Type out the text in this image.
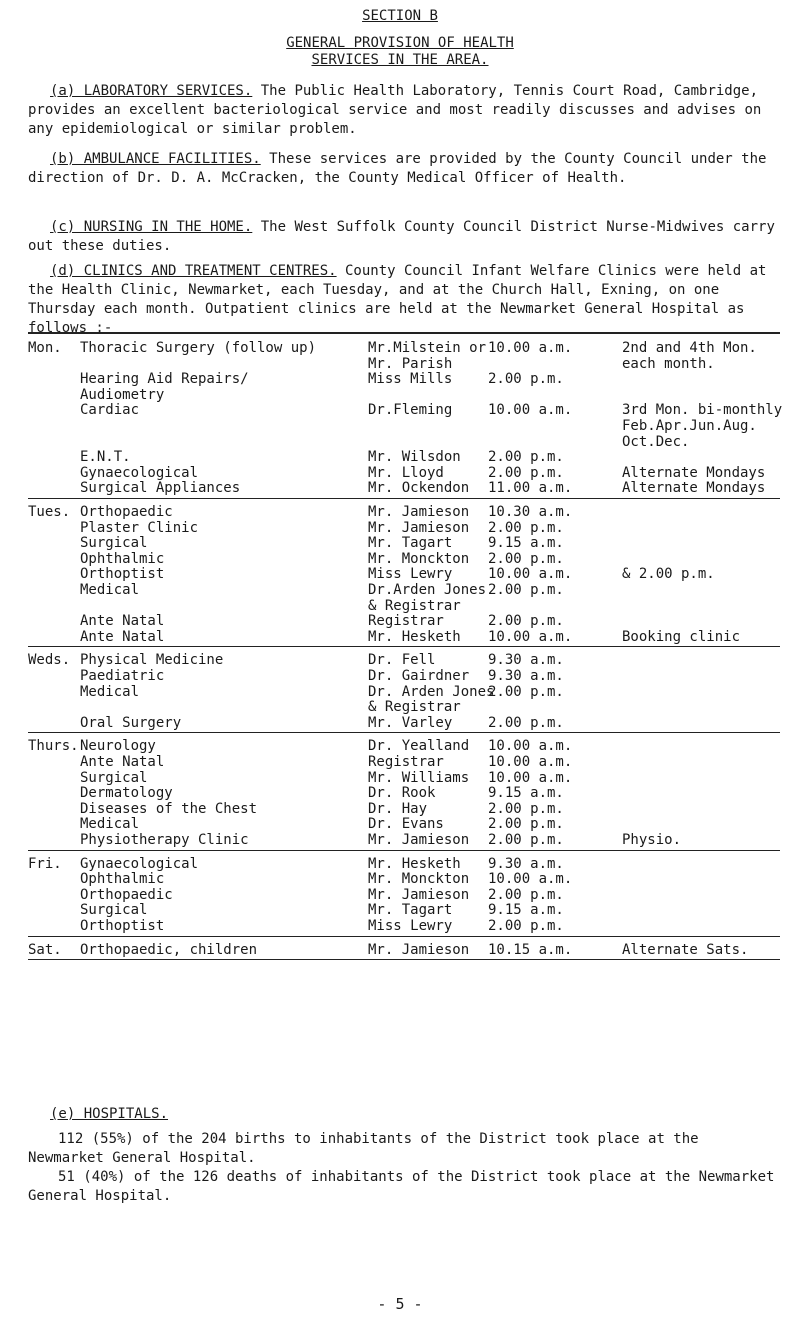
SECTION B
GENERAL PROVISION OF HEALTH
SERVICES IN THE AREA.
(a) LABORATORY SERVICES. The Public Health Laboratory, Tennis Court Road, Cambridge, provides an excellent bacteriological service and most readily discusses and advises on any epidemiological or similar problem.
(b) AMBULANCE FACILITIES. These services are provided by the County Council under the direction of Dr. D. A. McCracken, the County Medical Officer of Health.
(c) NURSING IN THE HOME. The West Suffolk County Council District Nurse-Midwives carry out these duties.
(d) CLINICS AND TREATMENT CENTRES. County Council Infant Welfare Clinics were held at the Health Clinic, Newmarket, each Tuesday, and at the Church Hall, Exning, on one Thursday each month. Outpatient clinics are held at the Newmarket General Hospital as follows :-
Mon. Thoracic Surgery (follow up)	Mr.Milstein or 10.00 a.m.	2nd and 4th Mon.
Mr. Parish	each month.
Hearing Aid Repairs/	Miss Mills	2.00 p.m.
Audiometry
Cardiac	Dr.Fleming	10.00 a.m.	3rd Mon. bi-monthly
Feb.Apr.Jun.Aug.
Oct.Dec.
E.N.T.	Mr. Wilsdon 2.00 p.m.
Gynaecological	Mr. Lloyd	2.00 p.m.	Alternate Mondays
Surgical Appliances	Mr. Ockendon 11.00 a.m.	Alternate Mondays
Tues. Orthopaedic	Mr. Jamieson 10.30 a.m.
Plaster Clinic	Mr. Jamieson 2.00 p.m.
Surgical	Mr. Tagart	9.15 a.m.
Ophthalmic	Mr. Monckton 2.00 p.m.
Orthoptist	Miss Lewry	10.00 a.m.	& 2.00 p.m.
Medical	Dr.Arden Jones 2.00 p.m.
& Registrar
Ante Natal	Registrar	2.00 p.m.
Ante Natal	Mr. Hesketh 10.00 a.m.	Booking clinic
Weds. Physical Medicine	Dr. Fell	9.30 a.m.
Paediatric	Dr. Gairdner 9.30 a.m.
Medical	Dr. Arden Jones
2.00 p.m.
& Registrar
Oral Surgery	Mr. Varley	2.00 p.m.
Thurs. Neurology	Dr. Yealland 10.00 a.m.
Ante Natal	Registrar	10.00 a.m.
Surgical	Mr. Williams 10.00 a.m.
Dermatology	Dr. Rook	9.15 a.m.
Diseases of the Chest	Dr. Hay	2.00 p.m.
Medical	Dr. Evans	2.00 p.m.
Physiotherapy Clinic	Mr. Jamieson 2.00 p.m.	Physio.
Fri. Gynaecological	Mr. Hesketh 9.30 a.m.
Ophthalmic	Mr. Monckton 10.00 a.m.
Orthopaedic	Mr. Jamieson 2.00 p.m.
Surgical	Mr. Tagart	9.15 a.m.
Orthoptist	Miss Lewry	2.00 p.m.
Sat. Orthopaedic, children	Mr. Jamieson 10.15 a.m.	Alternate Sats.
(e) HOSPITALS.
112 (55%) of the 204 births to inhabitants of the District took place at the Newmarket General Hospital.
51 (40%) of the 126 deaths of inhabitants of the District took place at the Newmarket General Hospital.
- 5 -
